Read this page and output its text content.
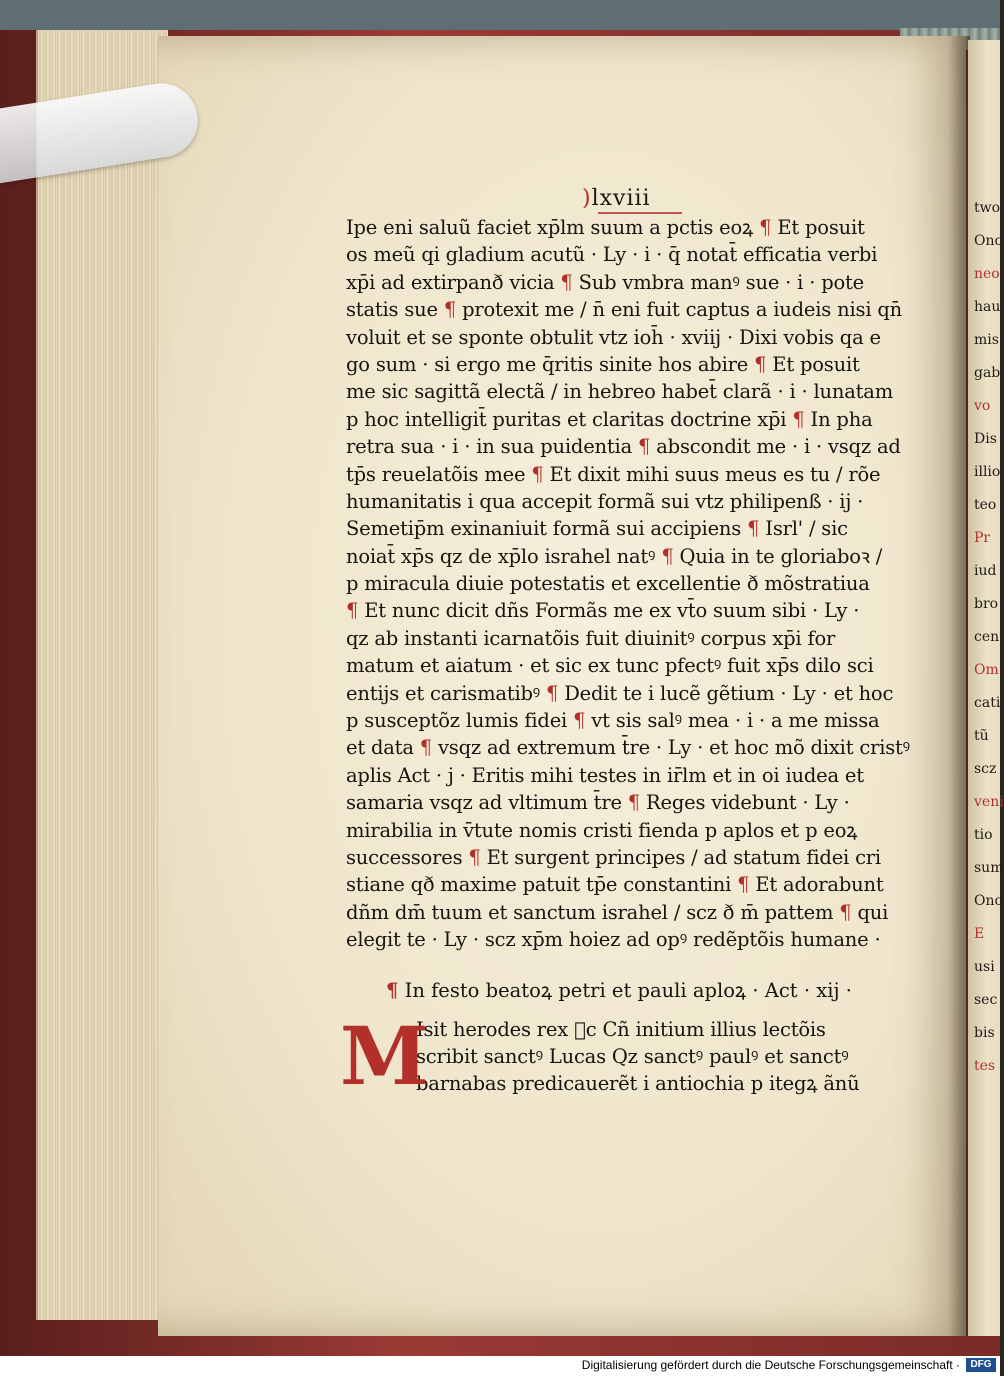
two
Onc
neo
hau
mis
gab
vo
Dis
illio
teo
Pr
iud
bro
cen
Om
cati
tũ
scz
veni
tio
sum
Onc
E
usi
sec
bis
tes
)lxviii
Ipe eni saluũ faciet xp̄lm suum a pctis eoꝝ ¶ Et posuit
os meũ qi gladium acutũ · Ly · i · q̄ notat̄ efficatia verbi
xp̄i ad extirpanð vicia ¶ Sub vmbra manꝰ sue · i · pote
statis sue ¶ protexit me / n̄ eni fuit captus a iudeis nisi qn̄
voluit et se sponte obtulit vtz ioh̄ · xviij · Dixi vobis qa e
go sum · si ergo me q̄ritis sinite hos abire ¶ Et posuit
me sic sagittã electã / in hebreo habet̄ clarã · i · lunatam
p hoc intelligit̄ puritas et claritas doctrine xp̄i ¶ In pha
retra sua · i · in sua puidentia ¶ abscondit me · i · vsqz ad
tp̄s reuelatõis mee ¶ Et dixit mihi suus meus es tu / rõe
humanitatis i qua accepit formã sui vtz philipenß · ij ·
Semetip̄m exinaniuit formã sui accipiens ¶ Isrl' / sic
noiat̄ xp̄s qz de xp̄lo israhel natꝰ ¶ Quia in te gloriaboꝛ /
p miracula diuie potestatis et excellentie ð mõstratiua
¶ Et nunc dicit dñs Formãs me ex vt̄o suum sibi · Ly ·
qz ab instanti icarnatõis fuit diuinitꝰ corpus xp̄i for
matum et aiatum · et sic ex tunc pfectꝰ fuit xp̄s dilo sci
entijs et carismatibꝰ ¶ Dedit te i lucẽ gẽtium · Ly · et hoc
p susceptõz lumis fidei ¶ vt sis salꝰ mea · i · a me missa
et data ¶ vsqz ad extremum t̄re · Ly · et hoc mõ dixit cristꝰ
aplis Act · j · Eritis mihi testes in ir̄lm et in oi iudea et
samaria vsqz ad vltimum t̄re ¶ Reges videbunt · Ly ·
mirabilia in v̄tute nomis cristi fienda p aplos et p eoꝝ
successores ¶ Et surgent principes / ad statum fidei cri
stiane qð maxime patuit tp̄e constantini ¶ Et adorabunt
dñm dm̄ tuum et sanctum israhel / scz ð m̄ pattem ¶ qui
elegit te · Ly · scz xp̄m hoiez ad opꝰ redẽptõis humane ·
¶ In festo beatoꝝ petri et pauli aploꝝ · Act · xij ·
M
Isit herodes rex ᷣc Cñ initium illius lectõis
scribit sanctꝰ Lucas Qz sanctꝰ paulꝰ et sanctꝰ
barnabas predicauerẽt i antiochia p itegꝝ ãnũ
Digitalisierung gefördert durch die Deutsche Forschungsgemeinschaft ·	DFG
